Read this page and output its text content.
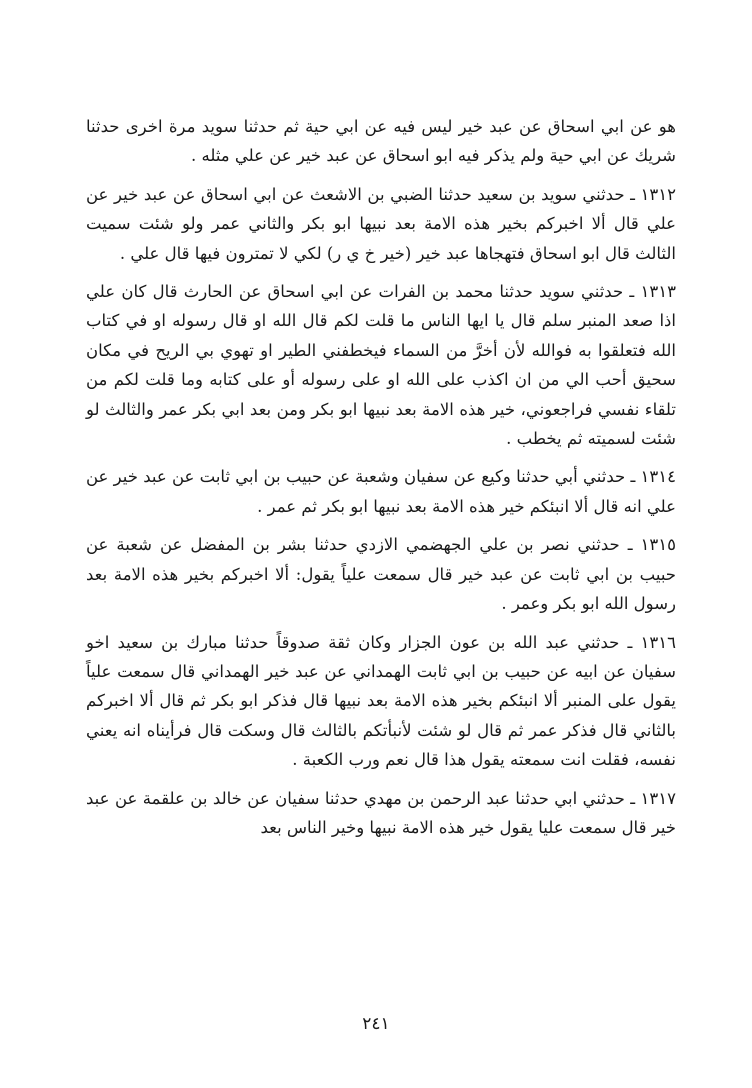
هو عن ابي اسحاق عن عبد خير ليس فيه عن ابي حية ثم حدثنا سويد مرة اخرى حدثنا شريك عن ابي حية ولم يذكر فيه ابو اسحاق عن عبد خير عن علي مثله .

١٣١٢ ـ حدثني سويد بن سعيد حدثنا الضبي بن الاشعث عن ابي اسحاق عن عبد خير عن علي قال ألا اخبركم بخير هذه الامة بعد نبيها ابو بكر والثاني عمر ولو شئت سميت الثالث قال ابو اسحاق فتهجاها عبد خير (خير خ ي ر) لكي لا تمترون فيها قال علي .

١٣١٣ ـ حدثني سويد حدثنا محمد بن الفرات عن ابي اسحاق عن الحارث قال كان علي اذا صعد المنبر سلم قال يا ايها الناس ما قلت لكم قال الله او قال رسوله او في كتاب الله فتعلقوا به فوالله لأن أخرَّ من السماء فيخطفني الطير او تهوي بي الريح في مكان سحيق أحب الي من ان اكذب على الله او على رسوله أو على كتابه وما قلت لكم من تلقاء نفسي فراجعوني، خير هذه الامة بعد نبيها ابو بكر ومن بعد ابي بكر عمر والثالث لو شئت لسميته ثم يخطب .

١٣١٤ ـ حدثني أبي حدثنا وكيع عن سفيان وشعبة عن حبيب بن ابي ثابت عن عبد خير عن علي انه قال ألا انبئكم خير هذه الامة بعد نبيها ابو بكر ثم عمر .

١٣١٥ ـ حدثني نصر بن علي الجهضمي الازدي حدثنا بشر بن المفضل عن شعبة عن حبيب بن ابي ثابت عن عبد خير قال سمعت علياً يقول: ألا اخبركم بخير هذه الامة بعد رسول الله ابو بكر وعمر .

١٣١٦ ـ حدثني عبد الله بن عون الجزار وكان ثقة صدوقاً حدثنا مبارك بن سعيد اخو سفيان عن ابيه عن حبيب بن ابي ثابت الهمداني عن عبد خير الهمداني قال سمعت علياً يقول على المنبر ألا انبئكم بخير هذه الامة بعد نبيها قال فذكر ابو بكر ثم قال ألا اخبركم بالثاني قال فذكر عمر ثم قال لو شئت لأنبأتكم بالثالث قال وسكت قال فرأيناه انه يعني نفسه، فقلت انت سمعته يقول هذا قال نعم ورب الكعبة .

١٣١٧ ـ حدثني ابي حدثنا عبد الرحمن بن مهدي حدثنا سفيان عن خالد بن علقمة عن عبد خير قال سمعت عليا يقول خير هذه الامة نبيها وخير الناس بعد

٢٤١
